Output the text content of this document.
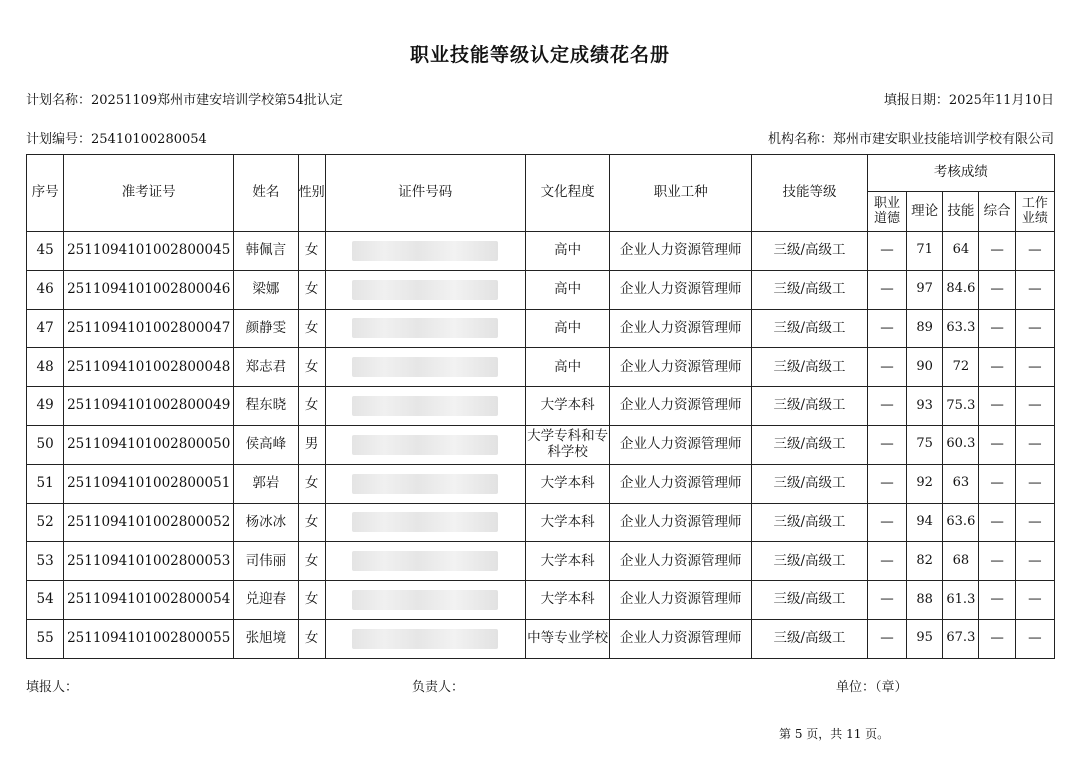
职业技能等级认定成绩花名册
计划名称：20251109郑州市建安培训学校第54批认定	填报日期：2025年11月10日
计划编号：25410100280054	机构名称：郑州市建安职业技能培训学校有限公司
序号	准考证号	姓名	性别	证件号码	文化程度	职业工种	技能等级	考核成绩				
								职业道德	理论	技能	综合	工作业绩
45	2511094101002800045	韩佩言	女		高中	企业人力资源管理师	三级/高级工	—	71	64	—	—
46	2511094101002800046	梁娜	女		高中	企业人力资源管理师	三级/高级工	—	97	84.6	—	—
47	2511094101002800047	颜静雯	女		高中	企业人力资源管理师	三级/高级工	—	89	63.3	—	—
48	2511094101002800048	郑志君	女		高中	企业人力资源管理师	三级/高级工	—	90	72	—	—
49	2511094101002800049	程东晓	女		大学本科	企业人力资源管理师	三级/高级工	—	93	75.3	—	—
50	2511094101002800050	侯高峰	男		大学专科和专科学校	企业人力资源管理师	三级/高级工	—	75	60.3	—	—
51	2511094101002800051	郭岩	女		大学本科	企业人力资源管理师	三级/高级工	—	92	63	—	—
52	2511094101002800052	杨冰冰	女		大学本科	企业人力资源管理师	三级/高级工	—	94	63.6	—	—
53	2511094101002800053	司伟丽	女		大学本科	企业人力资源管理师	三级/高级工	—	82	68	—	—
54	2511094101002800054	兑迎春	女		大学本科	企业人力资源管理师	三级/高级工	—	88	61.3	—	—
55	2511094101002800055	张旭境	女		中等专业学校	企业人力资源管理师	三级/高级工	—	95	67.3	—	—
填报人：	负责人：	单位：（章）
第 5 页，共 11 页。
